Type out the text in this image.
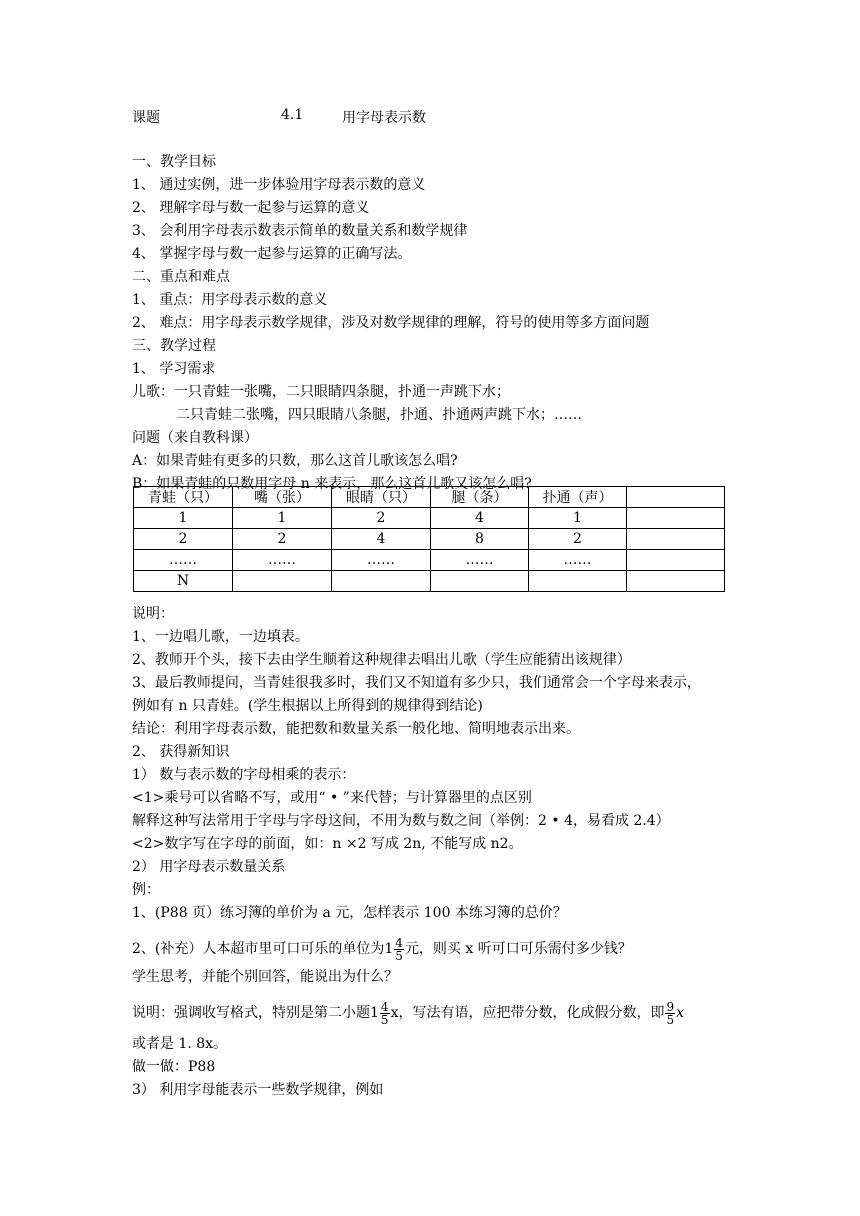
课题	4.1	用字母表示数
一、教学目标
1、 通过实例，进一步体验用字母表示数的意义
2、 理解字母与数一起参与运算的意义
3、 会利用字母表示数表示简单的数量关系和数学规律
4、 掌握字母与数一起参与运算的正确写法。
二、重点和难点
1、 重点：用字母表示数的意义
2、 难点：用字母表示数学规律，涉及对数学规律的理解，符号的使用等多方面问题
三、教学过程
1、 学习需求
儿歌：一只青蛙一张嘴，二只眼睛四条腿，扑通一声跳下水；
二只青蛙二张嘴，四只眼睛八条腿，扑通、扑通两声跳下水；……
问题（来自教科课）
A：如果青蛙有更多的只数，那么这首儿歌该怎么唱?
B：如果青蛙的只数用字母 n 来表示，那么这首儿歌又该怎么唱?
青蛙（只）	嘴（张）	眼睛（只）	腿（条）	扑通（声）	
1	1	2	4	1	
2	2	4	8	2	
……	……	……	……	……	
N					
说明：
1、一边唱儿歌，一边填表。
2、教师开个头，接下去由学生顺着这种规律去唱出儿歌（学生应能猜出该规律）
3、最后教师提问，当青娃很我多时，我们又不知道有多少只，我们通常会一个字母来表示，
例如有 n 只青娃。(学生根据以上所得到的规律得到结论)
结论：利用字母表示数，能把数和数量关系一般化地、简明地表示出来。
2、 获得新知识
1） 数与表示数的字母相乘的表示：
<1>乘号可以省略不写，或用“ • ”来代替；与计算器里的点区别
解释这种写法常用于字母与字母这间，不用为数与数之间（举例：2 • 4，易看成 2.4）
<2>数字写在字母的前面，如：n ×2 写成 2n, 不能写成 n2。
2） 用字母表示数量关系
例：
1、(P88 页）练习簿的单价为 a 元，怎样表示 100 本练习簿的总价？
2、(补充）人本超市里可口可乐的单位为$1 \frac{4}{5}$ 元，则买 x 听可口可乐需付多少钱？
学生思考，并能个别回答，能说出为什么？
说明：强调收写格式，特别是第二小题$1 \frac{4}{5}$ x，写法有语，应把带分数，化成假分数，即 $\frac{9}{5}$ x
或者是 1. 8x。
做一做：P88
3） 利用字母能表示一些数学规律，例如
